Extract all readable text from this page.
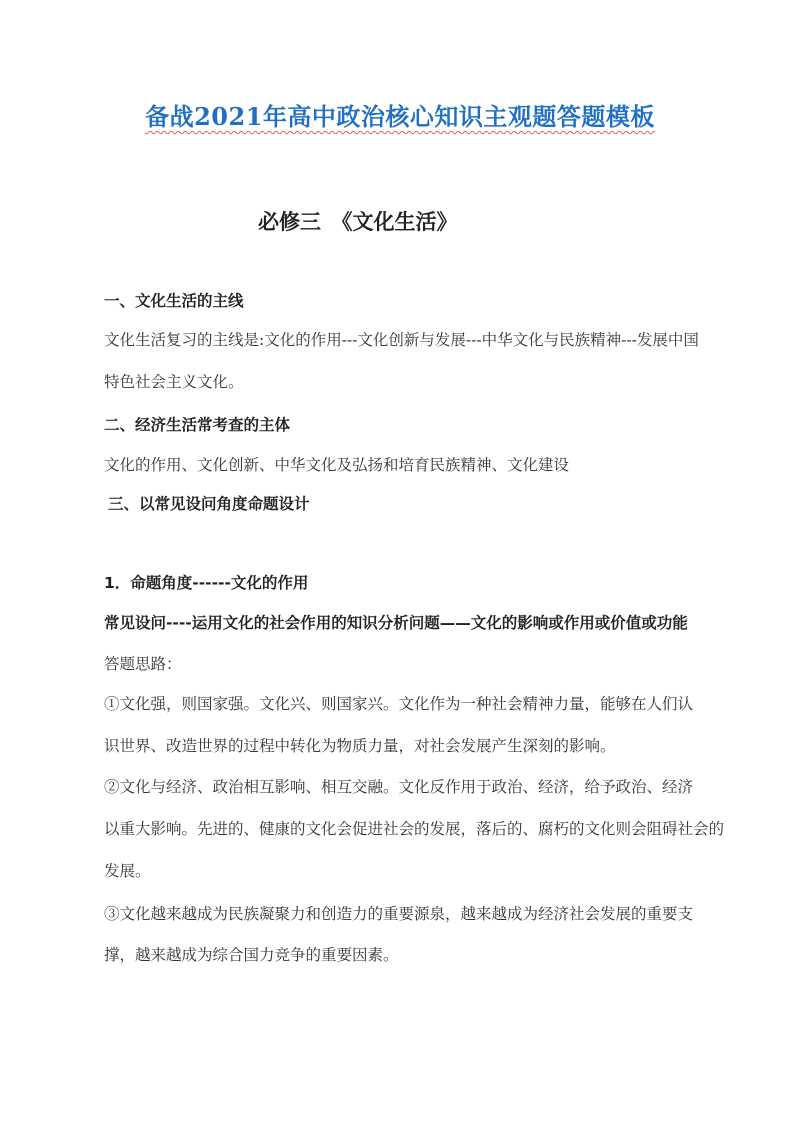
备战2021年高中政治核心知识主观题答题模板
必修三　《文化生活》
一、文化生活的主线
文化生活复习的主线是:文化的作用---文化创新与发展---中华文化与民族精神---发展中国
特色社会主义文化。
二、经济生活常考查的主体
文化的作用、文化创新、中华文化及弘扬和培育民族精神、文化建设
三、以常见设问角度命题设计
1．命题角度------文化的作用
常见设问----运用文化的社会作用的知识分析问题——文化的影响或作用或价值或功能
答题思路：
①文化强，则国家强。文化兴、则国家兴。文化作为一种社会精神力量，能够在人们认
识世界、改造世界的过程中转化为物质力量，对社会发展产生深刻的影响。
②文化与经济、政治相互影响、相互交融。文化反作用于政治、经济，给予政治、经济
以重大影响。先进的、健康的文化会促进社会的发展，落后的、腐朽的文化则会阻碍社会的
发展。
③文化越来越成为民族凝聚力和创造力的重要源泉，越来越成为经济社会发展的重要支
撑，越来越成为综合国力竞争的重要因素。
